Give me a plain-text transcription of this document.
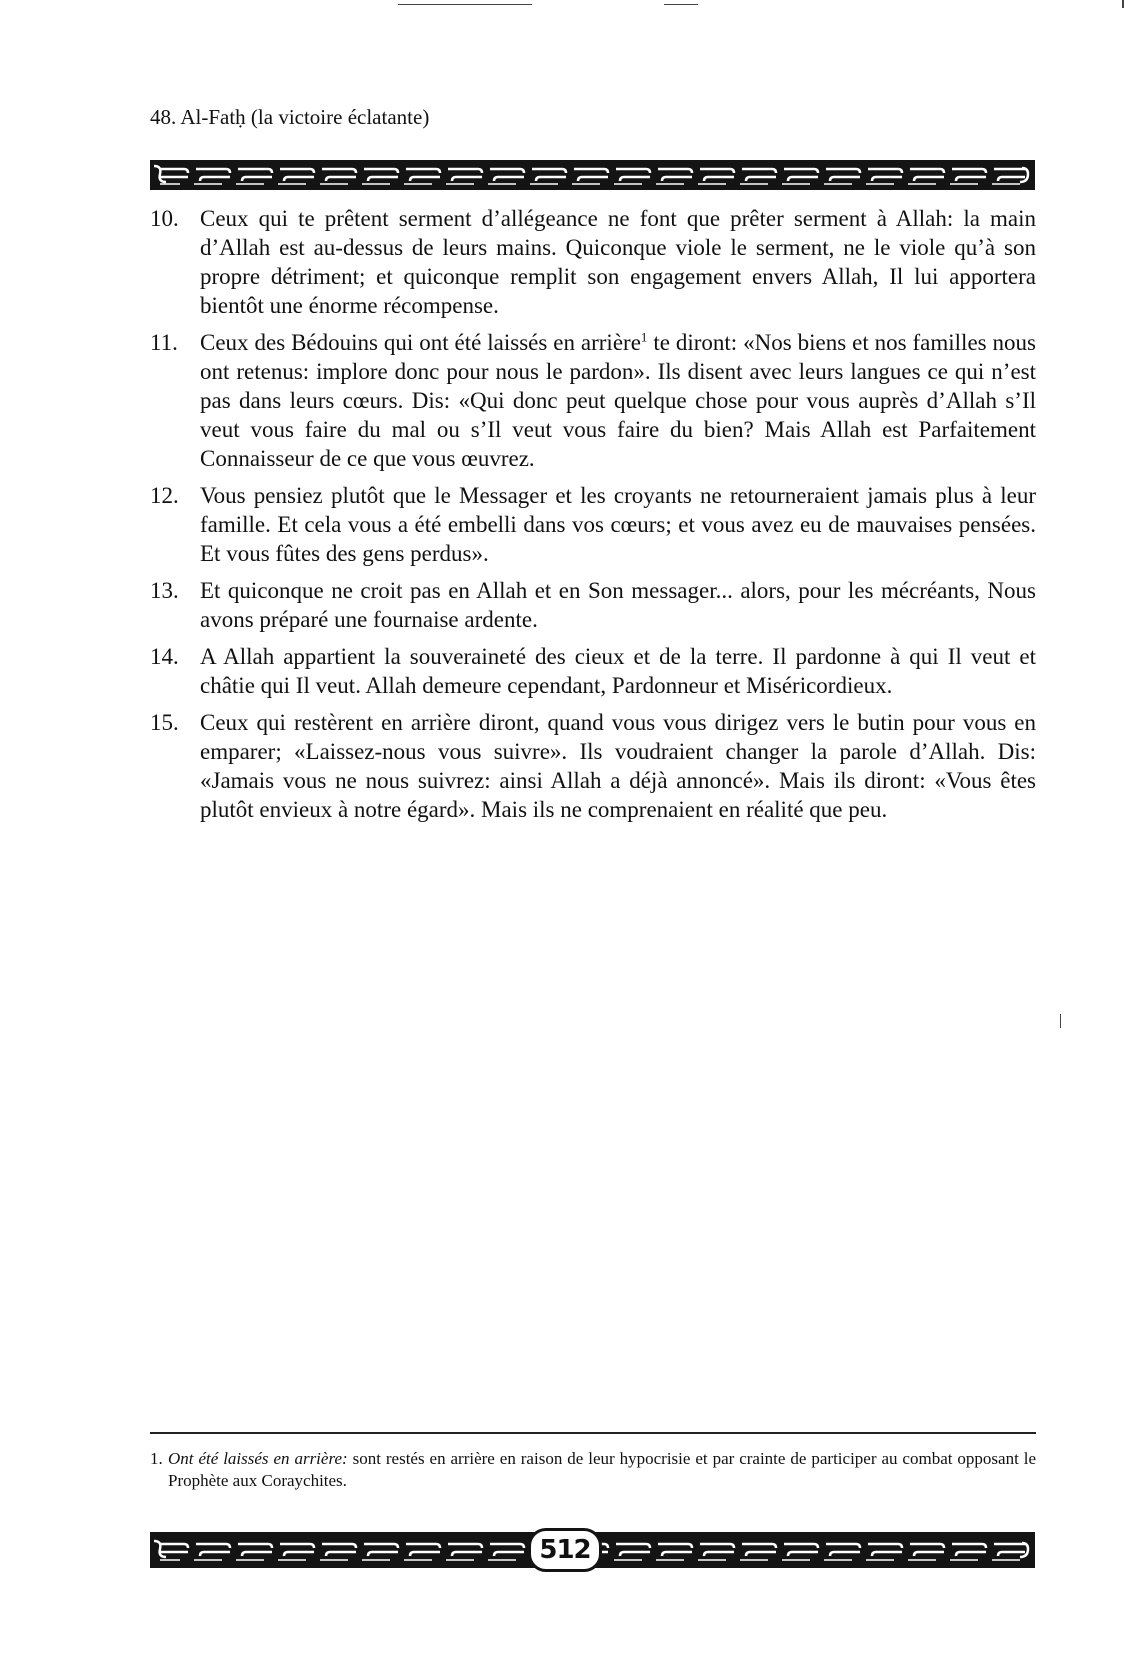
48. Al-Fatḥ (la victoire éclatante)
10. Ceux qui te prêtent serment d’allégeance ne font que prêter serment à Allah: la main d’Allah est au-dessus de leurs mains. Quiconque viole le serment, ne le viole qu’à son propre détriment; et quiconque remplit son engagement envers Allah, Il lui apportera bientôt une énorme récompense.
11. Ceux des Bédouins qui ont été laissés en arrière$^1$ te diront: «Nos biens et nos familles nous ont retenus: implore donc pour nous le pardon». Ils disent avec leurs langues ce qui n’est pas dans leurs cœurs. Dis: «Qui donc peut quelque chose pour vous auprès d’Allah s’Il veut vous faire du mal ou s’Il veut vous faire du bien? Mais Allah est Parfaitement Connaisseur de ce que vous œuvrez.
12. Vous pensiez plutôt que le Messager et les croyants ne retourneraient jamais plus à leur famille. Et cela vous a été embelli dans vos cœurs; et vous avez eu de mauvaises pensées. Et vous fûtes des gens perdus».
13. Et quiconque ne croit pas en Allah et en Son messager... alors, pour les mécréants, Nous avons préparé une fournaise ardente.
14. A Allah appartient la souveraineté des cieux et de la terre. Il pardonne à qui Il veut et châtie qui Il veut. Allah demeure cependant, Pardonneur et Miséricordieux.
15. Ceux qui restèrent en arrière diront, quand vous vous dirigez vers le butin pour vous en emparer; «Laissez-nous vous suivre». Ils voudraient changer la parole d’Allah. Dis: «Jamais vous ne nous suivrez: ainsi Allah a déjà annoncé». Mais ils diront: «Vous êtes plutôt envieux à notre égard». Mais ils ne comprenaient en réalité que peu.
1. Ont été laissés en arrière: sont restés en arrière en raison de leur hypocrisie et par crainte de participer au combat opposant le Prophète aux Coraychites.
512
